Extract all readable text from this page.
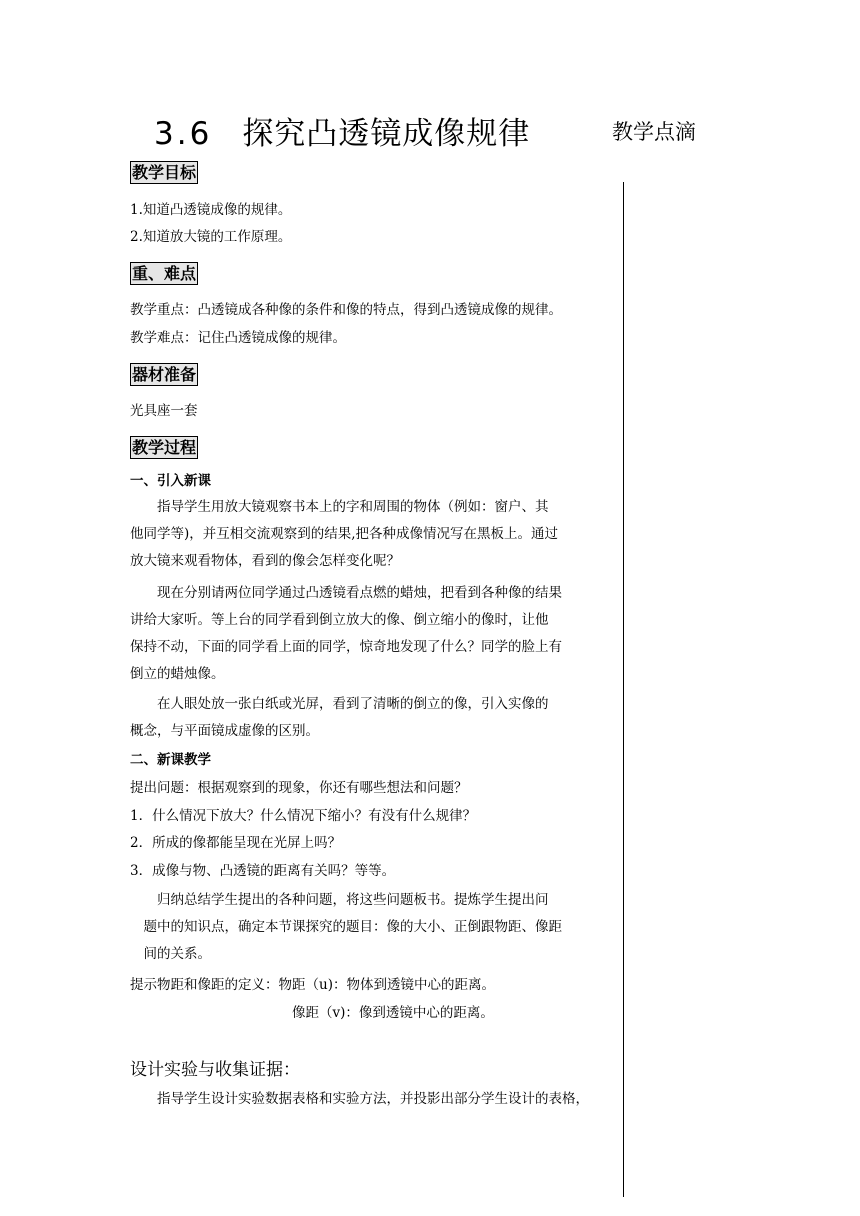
3.6 探究凸透镜成像规律	教学点滴
教学目标
1.知道凸透镜成像的规律。
2.知道放大镜的工作原理。
重、难点
教学重点：凸透镜成各种像的条件和像的特点，得到凸透镜成像的规律。
教学难点：记住凸透镜成像的规律。
器材准备
光具座一套
教学过程
一、引入新课
　　指导学生用放大镜观察书本上的字和周围的物体（例如：窗户、其
他同学等)，并互相交流观察到的结果,把各种成像情况写在黑板上。通过
放大镜来观看物体，看到的像会怎样变化呢？
　　现在分别请两位同学通过凸透镜看点燃的蜡烛，把看到各种像的结果
讲给大家听。等上台的同学看到倒立放大的像、倒立缩小的像时，让他
保持不动，下面的同学看上面的同学，惊奇地发现了什么？同学的脸上有
倒立的蜡烛像。
　　在人眼处放一张白纸或光屏，看到了清晰的倒立的像，引入实像的
概念，与平面镜成虚像的区别。
二、新课教学
提出问题：根据观察到的现象，你还有哪些想法和问题？
1．什么情况下放大？什么情况下缩小？有没有什么规律？
2．所成的像都能呈现在光屏上吗？
3．成像与物、凸透镜的距离有关吗？等等。
　　归纳总结学生提出的各种问题，将这些问题板书。提炼学生提出问
　题中的知识点，确定本节课探究的题目：像的大小、正倒跟物距、像距
　间的关系。
提示物距和像距的定义：物距（u)：物体到透镜中心的距离。
　　　　　　　　　　　　像距（v)：像到透镜中心的距离。
设计实验与收集证据：
　　指导学生设计实验数据表格和实验方法，并投影出部分学生设计的表格，
